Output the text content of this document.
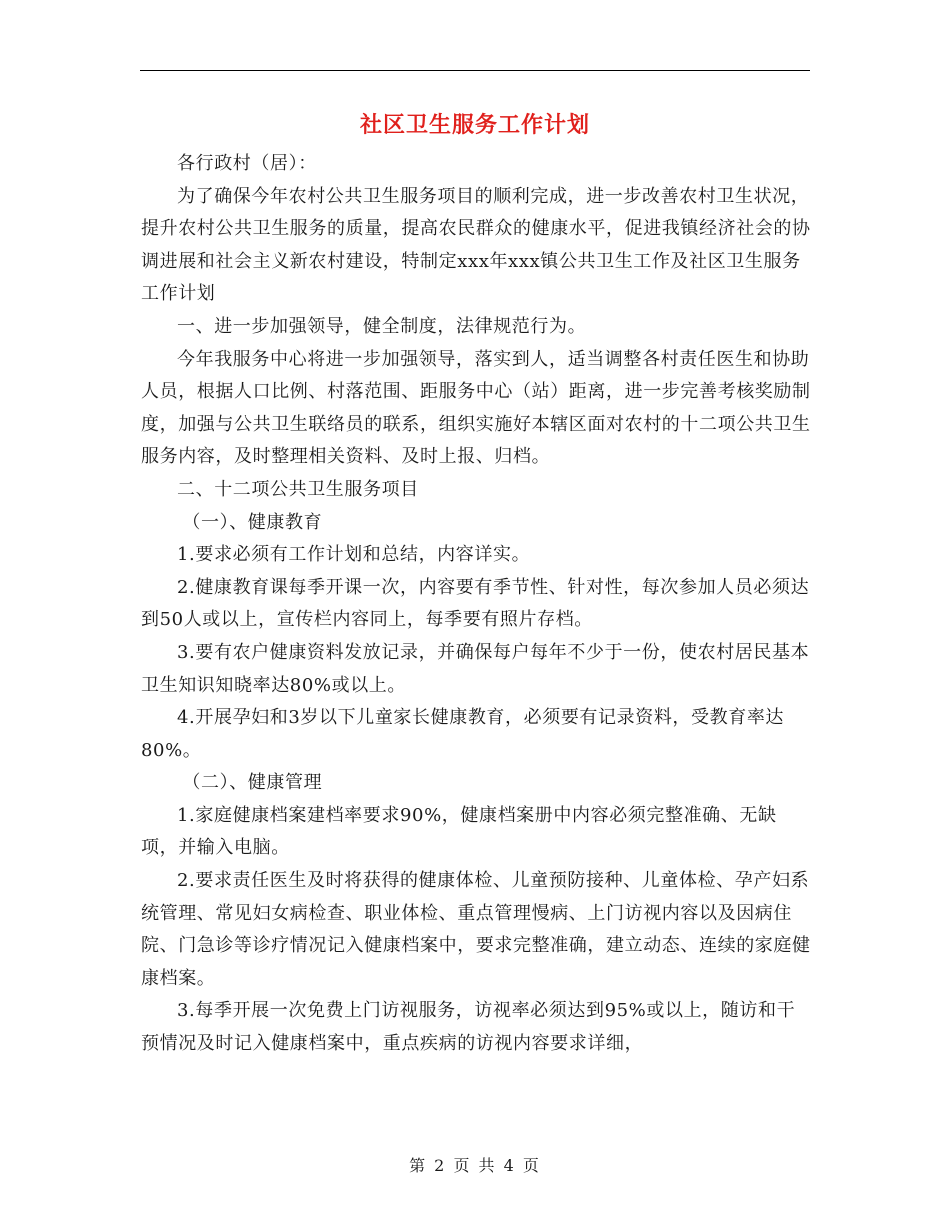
社区卫生服务工作计划

各行政村（居）：

为了确保今年农村公共卫生服务项目的顺利完成，进一步改善农村卫生状况，提升农村公共卫生服务的质量，提高农民群众的健康水平，促进我镇经济社会的协调进展和社会主义新农村建设，特制定xxx年xxx镇公共卫生工作及社区卫生服务工作计划

一、进一步加强领导，健全制度，法律规范行为。

今年我服务中心将进一步加强领导，落实到人，适当调整各村责任医生和协助人员，根据人口比例、村落范围、距服务中心（站）距离，进一步完善考核奖励制度，加强与公共卫生联络员的联系，组织实施好本辖区面对农村的十二项公共卫生服务内容，及时整理相关资料、及时上报、归档。

二、十二项公共卫生服务项目

（一）、健康教育

1.要求必须有工作计划和总结，内容详实。

2.健康教育课每季开课一次，内容要有季节性、针对性，每次参加人员必须达到50人或以上，宣传栏内容同上，每季要有照片存档。

3.要有农户健康资料发放记录，并确保每户每年不少于一份，使农村居民基本卫生知识知晓率达80%或以上。

4.开展孕妇和3岁以下儿童家长健康教育，必须要有记录资料，受教育率达80%。

（二）、健康管理

1.家庭健康档案建档率要求90%，健康档案册中内容必须完整准确、无缺项，并输入电脑。

2.要求责任医生及时将获得的健康体检、儿童预防接种、儿童体检、孕产妇系统管理、常见妇女病检查、职业体检、重点管理慢病、上门访视内容以及因病住院、门急诊等诊疗情况记入健康档案中，要求完整准确，建立动态、连续的家庭健康档案。

3.每季开展一次免费上门访视服务，访视率必须达到95%或以上，随访和干预情况及时记入健康档案中，重点疾病的访视内容要求详细，

第 2 页 共 4 页
